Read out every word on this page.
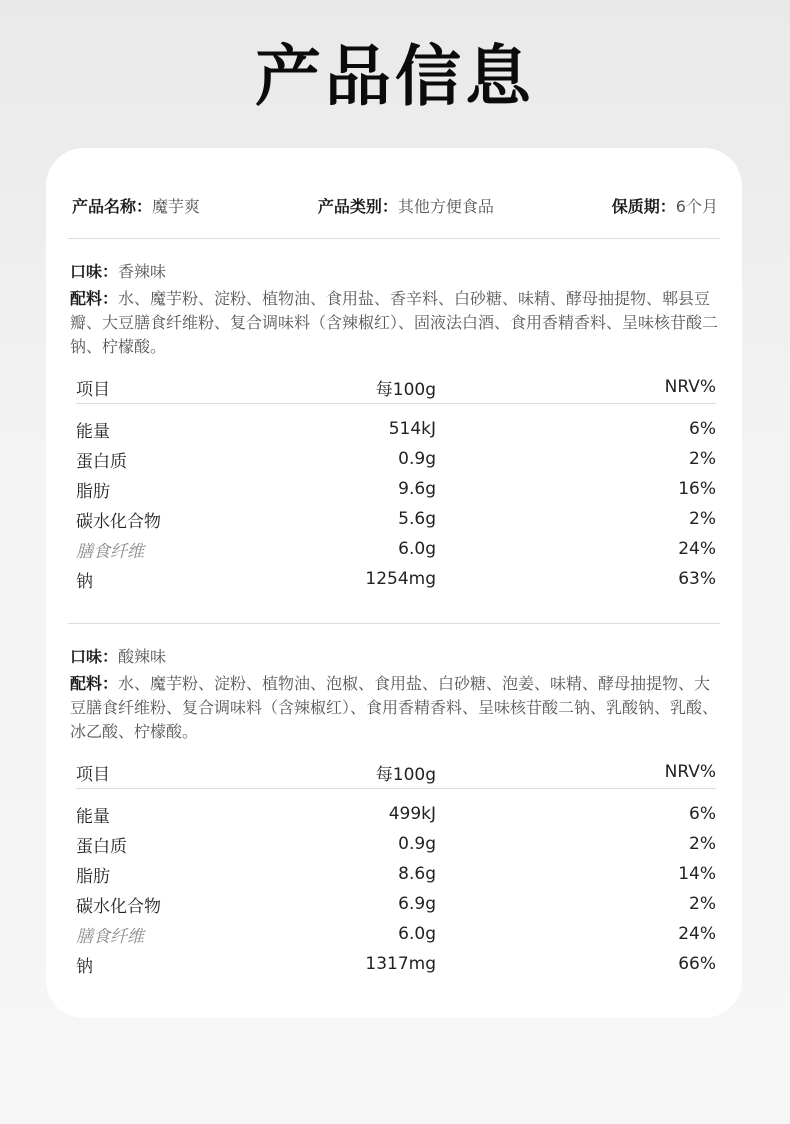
产品信息
产品名称：魔芋爽	产品类别：其他方便食品	保质期：6个月
口味：香辣味
配料：水、魔芋粉、淀粉、植物油、食用盐、香辛料、白砂糖、味精、酵母抽提物、郫县豆瓣、大豆膳食纤维粉、复合调味料（含辣椒红）、固液法白酒、食用香精香料、呈味核苷酸二钠、柠檬酸。
项目	每100g	NRV%
能量	514kJ	6%
蛋白质	0.9g	2%
脂肪	9.6g	16%
碳水化合物	5.6g	2%
膳食纤维	6.0g	24%
钠	1254mg	63%
口味：酸辣味
配料：水、魔芋粉、淀粉、植物油、泡椒、食用盐、白砂糖、泡姜、味精、酵母抽提物、大豆膳食纤维粉、复合调味料（含辣椒红）、食用香精香料、呈味核苷酸二钠、乳酸钠、乳酸、冰乙酸、柠檬酸。
项目	每100g	NRV%
能量	499kJ	6%
蛋白质	0.9g	2%
脂肪	8.6g	14%
碳水化合物	6.9g	2%
膳食纤维	6.0g	24%
钠	1317mg	66%
